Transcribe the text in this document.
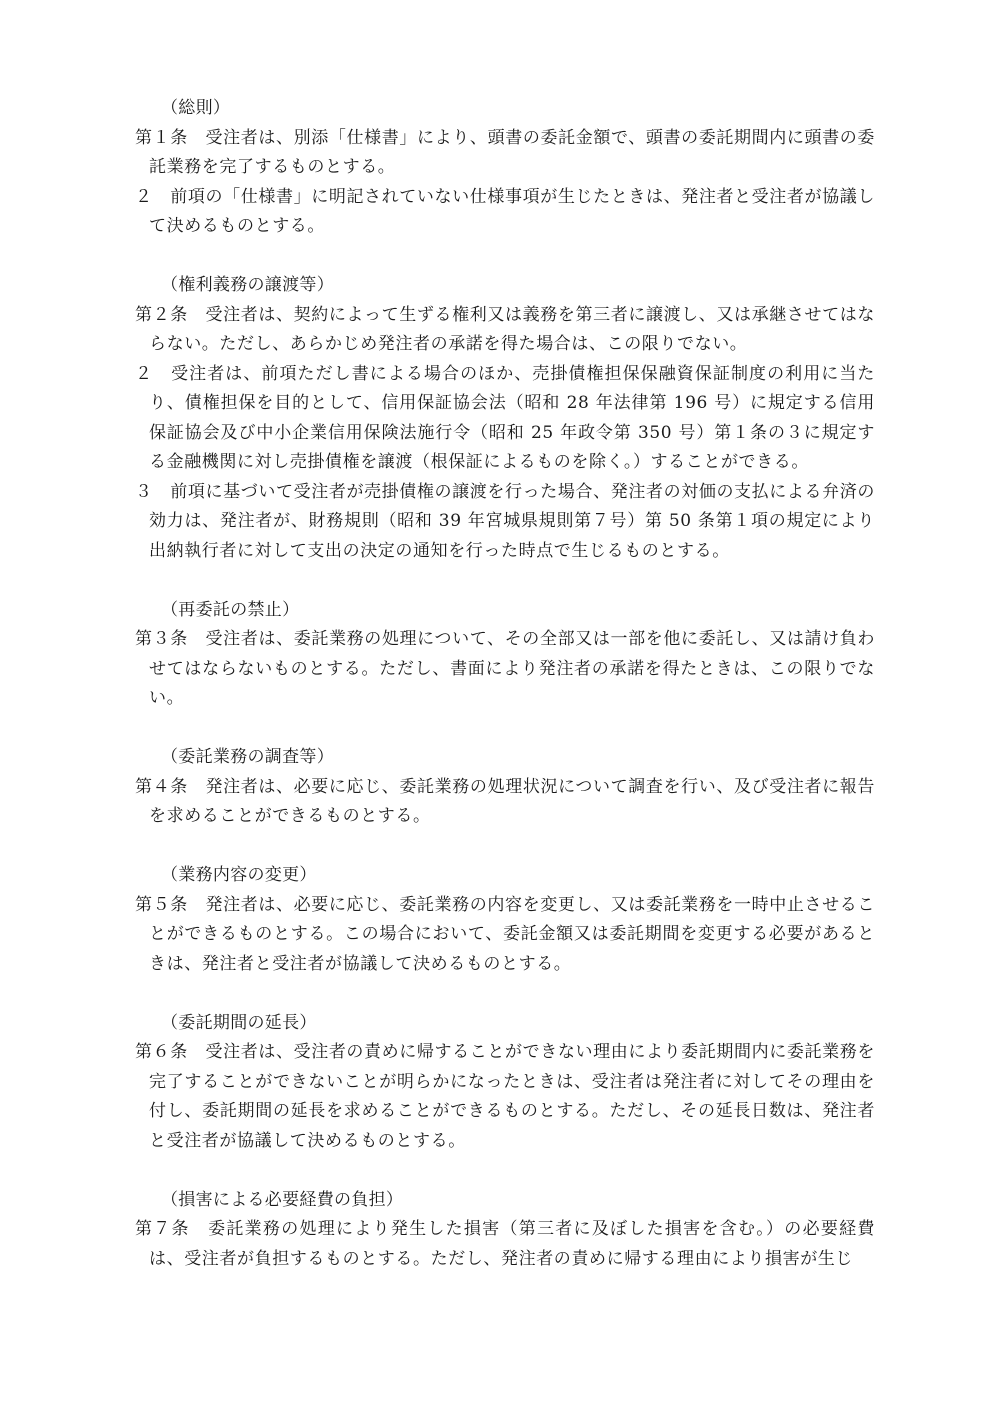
（総則）

第１条　 受注者は、別添「仕様書」により、頭書の委託金額で、頭書の委託期間内に頭書の委託業務を完了するものとする。

２　 前項の「仕様書」に明記されていない仕様事項が生じたときは、発注者と受注者が協議して決めるものとする。

（権利義務の譲渡等）

第２条　 受注者は、契約によって生ずる権利又は義務を第三者に譲渡し、又は承継させてはならない。ただし、あらかじめ発注者の承諾を得た場合は、この限りでない。

２　 受注者は、前項ただし書による場合のほか、売掛債権担保保融資保証制度の利用に当たり、債権担保を目的として、信用保証協会法（昭和 28 年法律第 196 号）に規定する信用保証協会及び中小企業信用保険法施行令（昭和 25 年政令第 350 号）第１条の３に規定する金融機関に対し売掛債権を譲渡（根保証によるものを除く。）することができる。

３　 前項に基づいて受注者が売掛債権の譲渡を行った場合、発注者の対価の支払による弁済の効力は、発注者が、財務規則（昭和 39 年宮城県規則第７号）第 50 条第１項の規定により出納執行者に対して支出の決定の通知を行った時点で生じるものとする。

（再委託の禁止）

第３条　 受注者は、委託業務の処理について、その全部又は一部を他に委託し、又は請け負わせてはならないものとする。ただし、書面により発注者の承諾を得たときは、この限りでない。

（委託業務の調査等）

第４条　 発注者は、必要に応じ、委託業務の処理状況について調査を行い、及び受注者に報告を求めることができるものとする。

（業務内容の変更）

第５条　 発注者は、必要に応じ、委託業務の内容を変更し、又は委託業務を一時中止させることができるものとする。この場合において、委託金額又は委託期間を変更する必要があるときは、発注者と受注者が協議して決めるものとする。

（委託期間の延長）

第６条　 受注者は、受注者の責めに帰することができない理由により委託期間内に委託業務を完了することができないことが明らかになったときは、受注者は発注者に対してその理由を付し、委託期間の延長を求めることができるものとする。ただし、その延長日数は、発注者と受注者が協議して決めるものとする。

（損害による必要経費の負担）

第７条　 委託業務の処理により発生した損害（第三者に及ぼした損害を含む。）の必要経費は、受注者が負担するものとする。ただし、発注者の責めに帰する理由により損害が生じ
